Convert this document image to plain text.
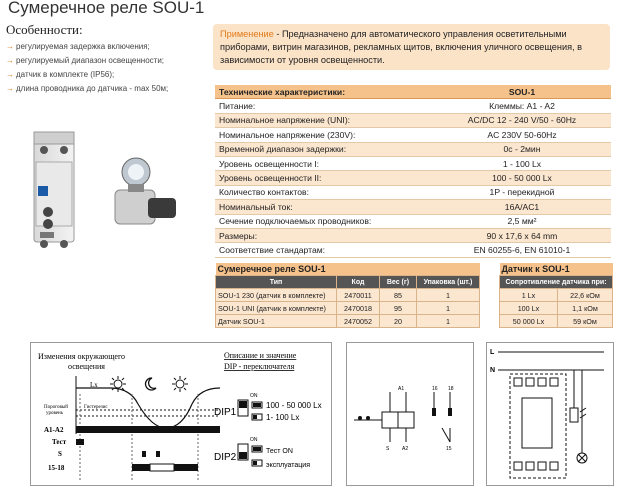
Сумеречное реле SOU-1
Особенности:
→ регулируемая задержка включения;
→ регулируемый диапазон освещенности;
→ датчик в комплекте (IP56);
→ длина проводника до датчика - max 50м;
Применение - Предназначено для автоматического управления осветительными приборами, витрин магазинов, рекламных щитов, включения уличного освещения, в зависимости от уровня освещенности.
Технические характеристики:	SOU-1
Питание:	Клеммы: A1 - A2
Номинальное напряжение (UNI):	AC/DC 12 - 240 V/50 - 60Hz
Номинальное напряжение (230V):	AC 230V 50-60Hz
Временной диапазон задержки:	0с - 2мин
Уровень освещенности I:	1 - 100 Lx
Уровень освещенности II:	100 - 50 000 Lx
Количество контактов:	1P - перекидной
Номинальный ток:	16A/AC1
Сечение подключаемых проводников:	2,5 мм²
Размеры:	90 x 17,6 x 64 mm
Соответствие стандартам:	EN 60255-6, EN 61010-1
Сумеречное реле SOU-1			
Тип	Код	Вес (г)	Упаковка (шт.)
SOU-1 230 (датчик в комплекте)	2470011	85	1
SOU-1 UNI (датчик в комплекте)	2470018	95	1
Датчик SOU-1	2470052	20	1
Датчик к SOU-1	
Сопротивление датчика при:	
1 Lx	22,6 кОм
100 Lx	1,1 кОм
50 000 Lx	59 кОм
Изменения окружающего
освещения
Lx
Пороговый
уровень
Гистерезис
A1-A2
Тест
S
15-18
Описание и значение
DIP - переключателя
DIP1
ON
100 - 50 000 Lx
1- 100 Lx
DIP2
ON
Тест ON
эксплуатация
A1	16 18
S	A2	15
L
N
